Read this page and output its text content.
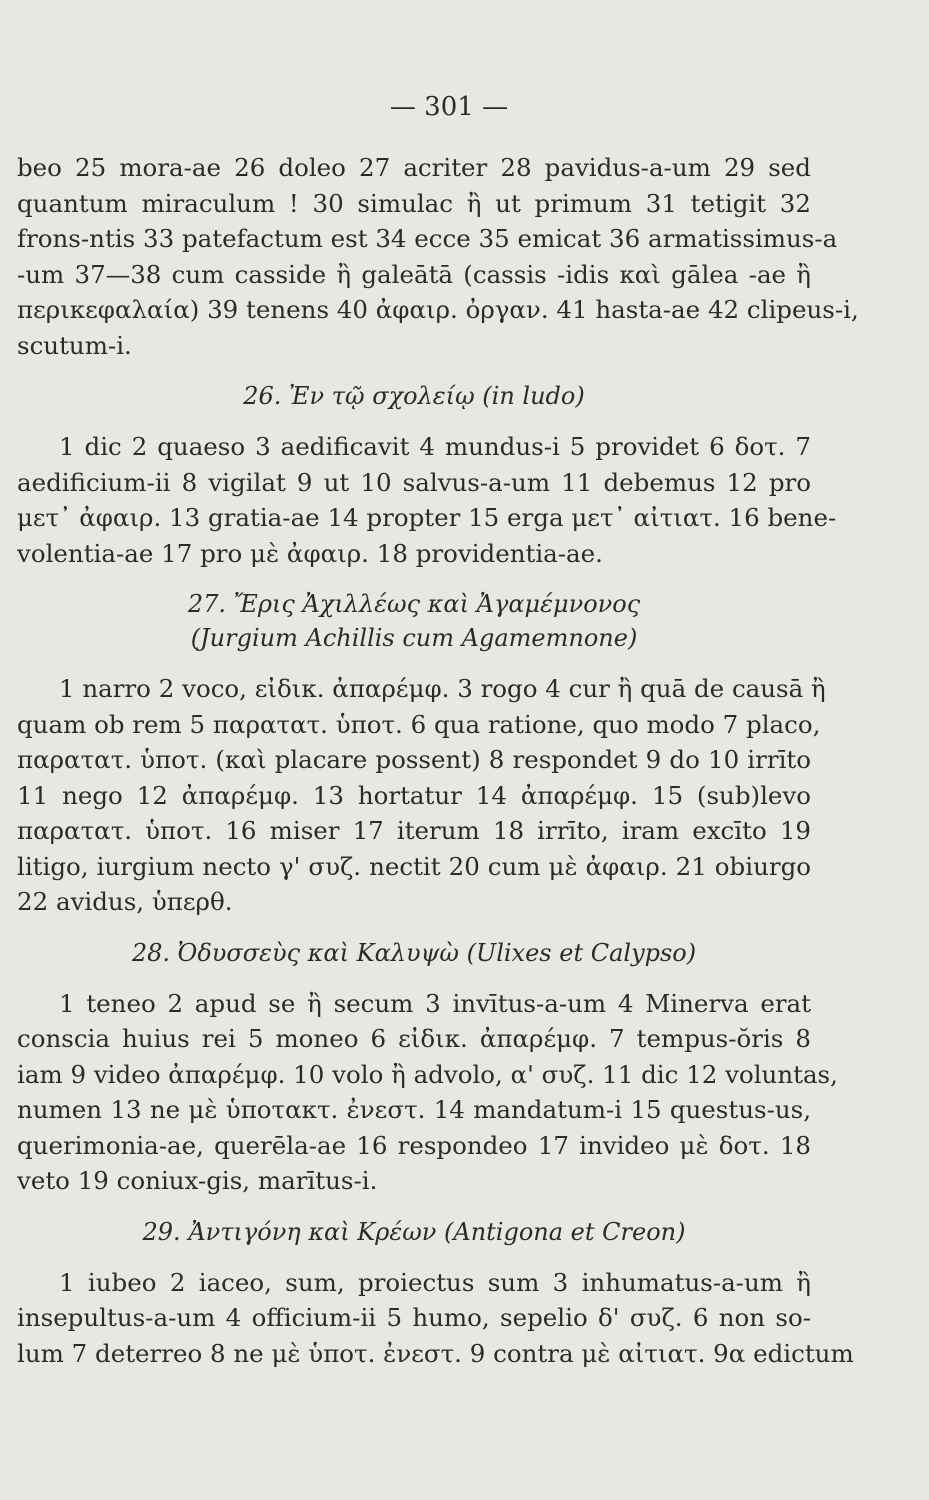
— 301 —

beo 25 mora-ae 26 doleo 27 acriter 28 pavidus-a-um 29 sed

quantum miraculum ! 30 simulac ἢ ut primum 31 tetigit 32

frons-ntis 33 patefactum est 34 ecce 35 emicat 36 armatissimus-a

-um 37—38 cum casside ἢ galeātā (cassis -idis καὶ gālea -ae ἢ

περικεφαλαία) 39 tenens 40 ἀφαιρ. ὀργαν. 41 hasta-ae 42 clipeus-i,

scutum-i.

26. Ἐν τῷ σχολείῳ (in ludo)

1 dic 2 quaeso 3 aedificavit 4 mundus-i 5 providet 6 δοτ. 7

aedificium-ii 8 vigilat 9 ut 10 salvus-a-um 11 debemus 12 pro

μετ᾽ ἀφαιρ. 13 gratia-ae 14 propter 15 erga μετ᾽ αἰτιατ. 16 bene-

volentia-ae 17 pro μὲ ἀφαιρ. 18 providentia-ae.

27. Ἔρις Ἀχιλλέως καὶ Ἀγαμέμνονος

(Jurgium Achillis cum Agamemnone)

1 narro 2 voco, εἰδικ. ἀπαρέμφ. 3 rogo 4 cur ἢ quā de causā ἢ

quam ob rem 5 παρατατ. ὑποτ. 6 qua ratione, quo modo 7 placo,

παρατατ. ὑποτ. (καὶ placare possent) 8 respondet 9 do 10 irrīto

11 nego 12 ἀπαρέμφ. 13 hortatur 14 ἀπαρέμφ. 15 (sub)levo

παρατατ. ὑποτ. 16 miser 17 iterum 18 irrīto, iram excīto 19

litigo, iurgium necto γ' συζ. nectit 20 cum μὲ ἀφαιρ. 21 obiurgo

22 avidus, ὑπερθ.

28. Ὀδυσσεὺς καὶ Καλυψὼ (Ulixes et Calypso)

1 teneo 2 apud se ἢ secum 3 invītus-a-um 4 Minerva erat

conscia huius rei 5 moneo 6 εἰδικ. ἀπαρέμφ. 7 tempus-ŏris 8

iam 9 video ἀπαρέμφ. 10 volo ἢ advolo, α' συζ. 11 dic 12 voluntas,

numen 13 ne μὲ ὑποτακτ. ἐνεστ. 14 mandatum-i 15 questus-us,

querimonia-ae, querēla-ae 16 respondeo 17 invideo μὲ δοτ. 18

veto 19 coniux-gis, marītus-i.

29. Ἀντιγόνη καὶ Κρέων (Antigona et Creon)

1 iubeo 2 iaceo, sum, proiectus sum 3 inhumatus-a-um ἢ

insepultus-a-um 4 officium-ii 5 humo, sepelio δ' συζ. 6 non so-

lum 7 deterreo 8 ne μὲ ὑποτ. ἐνεστ. 9 contra μὲ αἰτιατ. 9α edictum
